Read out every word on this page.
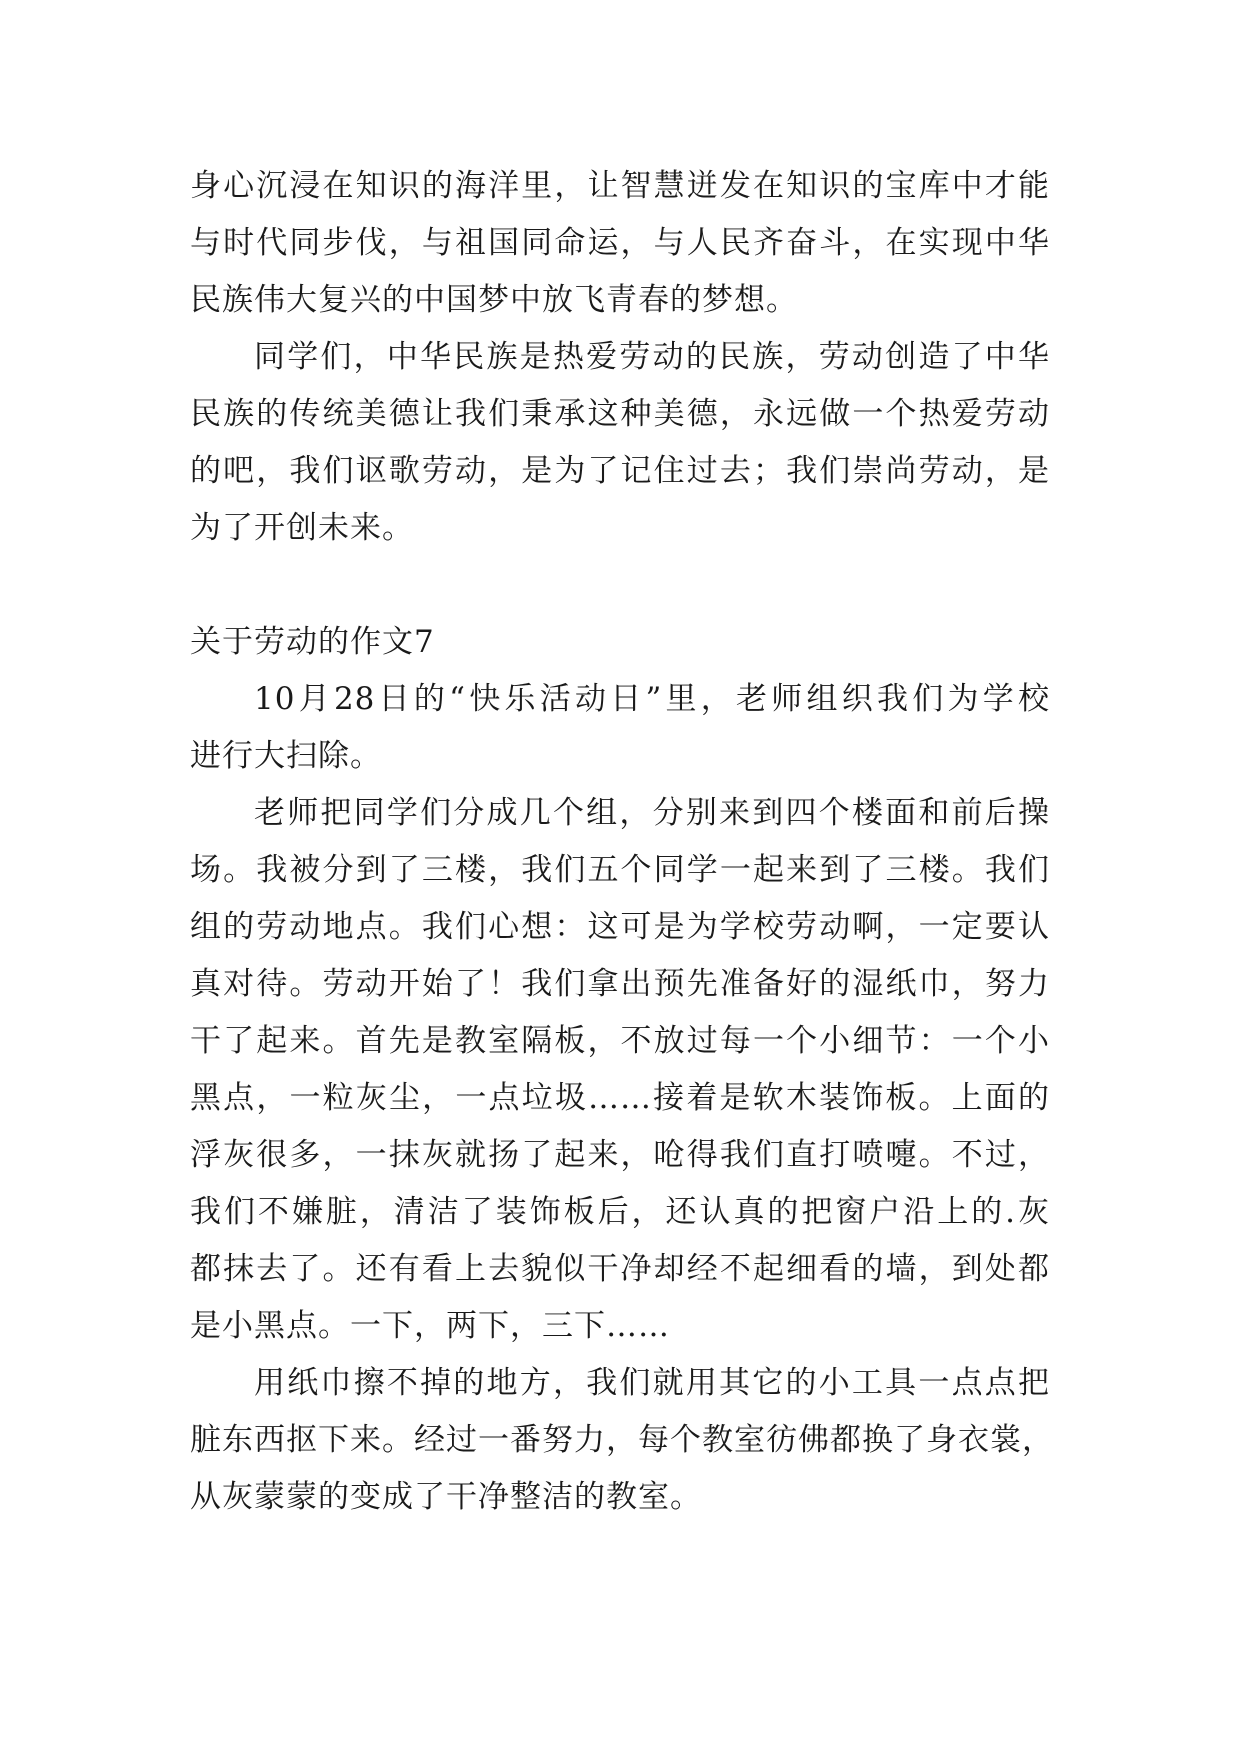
身心沉浸在知识的海洋里，让智慧迸发在知识的宝库中才能
与时代同步伐，与祖国同命运，与人民齐奋斗，在实现中华
民族伟大复兴的中国梦中放飞青春的梦想。
同学们，中华民族是热爱劳动的民族，劳动创造了中华
民族的传统美德让我们秉承这种美德，永远做一个热爱劳动
的吧，我们讴歌劳动，是为了记住过去；我们崇尚劳动，是
为了开创未来。
关于劳动的作文7
10月28日的“快乐活动日”里，老师组织我们为学校
进行大扫除。
老师把同学们分成几个组，分别来到四个楼面和前后操
场。我被分到了三楼，我们五个同学一起来到了三楼。我们
组的劳动地点。我们心想：这可是为学校劳动啊，一定要认
真对待。劳动开始了！我们拿出预先准备好的湿纸巾，努力
干了起来。首先是教室隔板，不放过每一个小细节：一个小
黑点，一粒灰尘，一点垃圾……接着是软木装饰板。上面的
浮灰很多，一抹灰就扬了起来，呛得我们直打喷嚏。不过，
我们不嫌脏，清洁了装饰板后，还认真的把窗户沿上的.灰
都抹去了。还有看上去貌似干净却经不起细看的墙，到处都
是小黑点。一下，两下，三下……
用纸巾擦不掉的地方，我们就用其它的小工具一点点把
脏东西抠下来。经过一番努力，每个教室彷佛都换了身衣裳，
从灰蒙蒙的变成了干净整洁的教室。
